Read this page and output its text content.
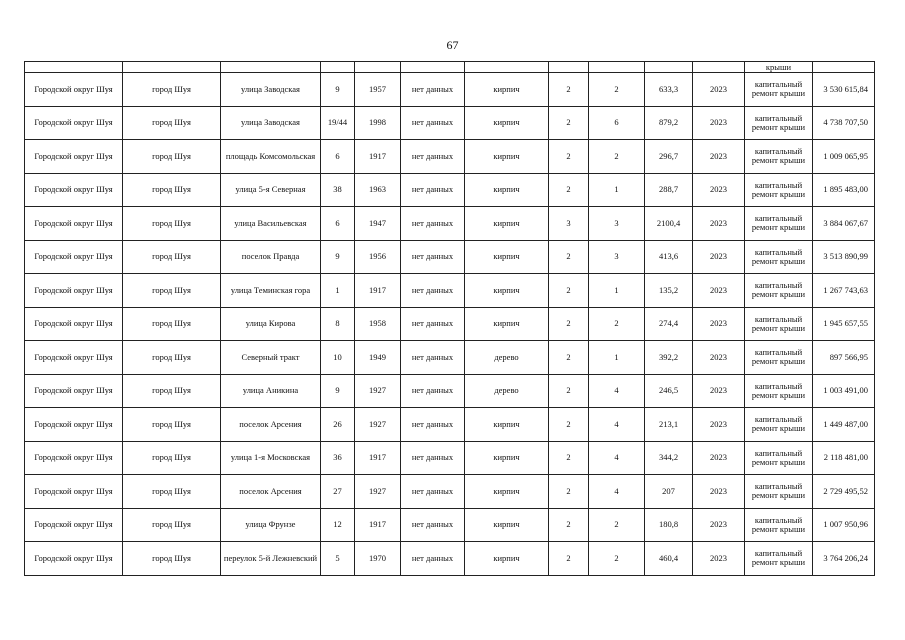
67
											крыши	
Городской округ Шуя	город Шуя	улица Заводская	9	1957	нет данных	кирпич	2	2	633,3	2023	капитальный ремонт крыши	3 530 615,84
Городской округ Шуя	город Шуя	улица Заводская	19/44	1998	нет данных	кирпич	2	6	879,2	2023	капитальный ремонт крыши	4 738 707,50
Городской округ Шуя	город Шуя	площадь Комсомольская	6	1917	нет данных	кирпич	2	2	296,7	2023	капитальный ремонт крыши	1 009 065,95
Городской округ Шуя	город Шуя	улица 5-я Северная	38	1963	нет данных	кирпич	2	1	288,7	2023	капитальный ремонт крыши	1 895 483,00
Городской округ Шуя	город Шуя	улица Васильевская	6	1947	нет данных	кирпич	3	3	2100,4	2023	капитальный ремонт крыши	3 884 067,67
Городской округ Шуя	город Шуя	поселок Правда	9	1956	нет данных	кирпич	2	3	413,6	2023	капитальный ремонт крыши	3 513 890,99
Городской округ Шуя	город Шуя	улица Теминская гора	1	1917	нет данных	кирпич	2	1	135,2	2023	капитальный ремонт крыши	1 267 743,63
Городской округ Шуя	город Шуя	улица Кирова	8	1958	нет данных	кирпич	2	2	274,4	2023	капитальный ремонт крыши	1 945 657,55
Городской округ Шуя	город Шуя	Северный тракт	10	1949	нет данных	дерево	2	1	392,2	2023	капитальный ремонт крыши	897 566,95
Городской округ Шуя	город Шуя	улица Аникина	9	1927	нет данных	дерево	2	4	246,5	2023	капитальный ремонт крыши	1 003 491,00
Городской округ Шуя	город Шуя	поселок Арсения	26	1927	нет данных	кирпич	2	4	213,1	2023	капитальный ремонт крыши	1 449 487,00
Городской округ Шуя	город Шуя	улица 1-я Московская	36	1917	нет данных	кирпич	2	4	344,2	2023	капитальный ремонт крыши	2 118 481,00
Городской округ Шуя	город Шуя	поселок Арсения	27	1927	нет данных	кирпич	2	4	207	2023	капитальный ремонт крыши	2 729 495,52
Городской округ Шуя	город Шуя	улица Фрунзе	12	1917	нет данных	кирпич	2	2	180,8	2023	капитальный ремонт крыши	1 007 950,96
Городской округ Шуя	город Шуя	переулок 5-й Лежневский	5	1970	нет данных	кирпич	2	2	460,4	2023	капитальный ремонт крыши	3 764 206,24
